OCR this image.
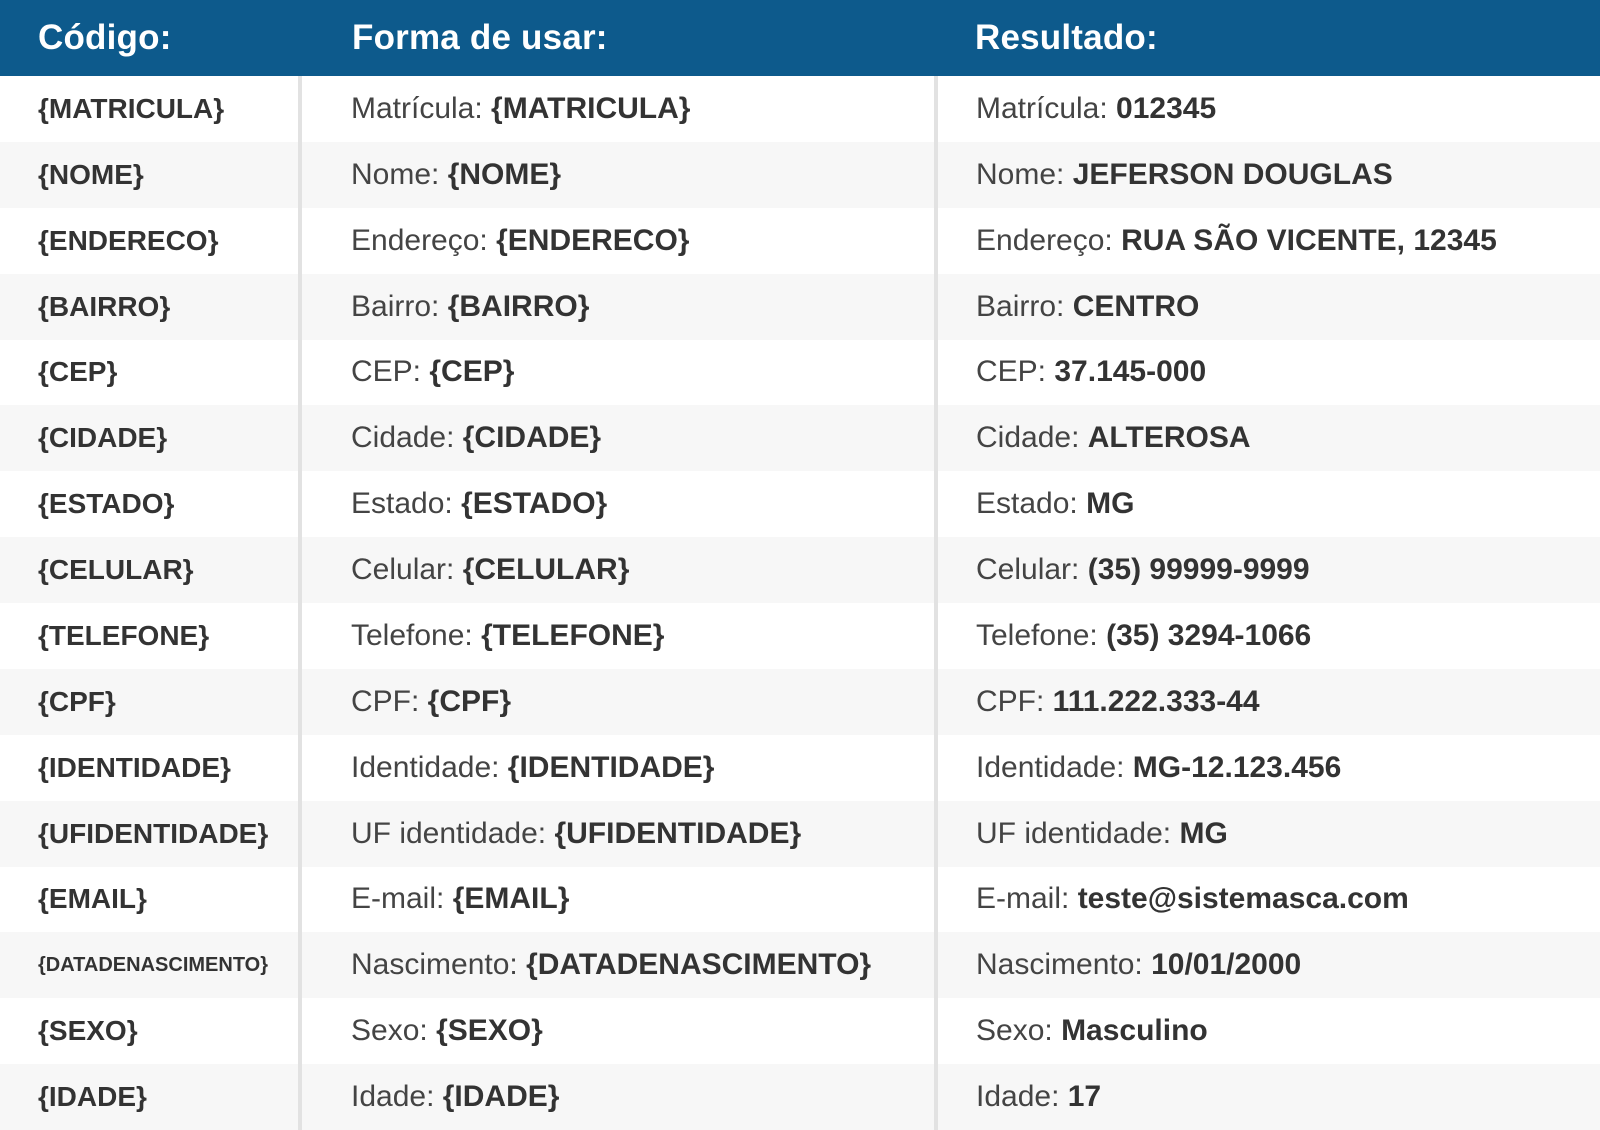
Código:	Forma de usar:	Resultado:
{MATRICULA}	Matrícula: {MATRICULA}	Matrícula: 012345
{NOME}	Nome: {NOME}	Nome: JEFERSON DOUGLAS
{ENDERECO}	Endereço: {ENDERECO}	Endereço: RUA SÃO VICENTE, 12345
{BAIRRO}	Bairro: {BAIRRO}	Bairro: CENTRO
{CEP}	CEP: {CEP}	CEP: 37.145-000
{CIDADE}	Cidade: {CIDADE}	Cidade: ALTEROSA
{ESTADO}	Estado: {ESTADO}	Estado: MG
{CELULAR}	Celular: {CELULAR}	Celular: (35) 99999-9999
{TELEFONE}	Telefone: {TELEFONE}	Telefone: (35) 3294-1066
{CPF}	CPF: {CPF}	CPF: 111.222.333-44
{IDENTIDADE}	Identidade: {IDENTIDADE}	Identidade: MG-12.123.456
{UFIDENTIDADE}	UF identidade: {UFIDENTIDADE}	UF identidade: MG
{EMAIL}	E-mail: {EMAIL}	E-mail: teste@sistemasca.com
{DATADENASCIMENTO}	Nascimento: {DATADENASCIMENTO}	Nascimento: 10/01/2000
{SEXO}	Sexo: {SEXO}	Sexo: Masculino
{IDADE}	Idade: {IDADE}	Idade: 17
